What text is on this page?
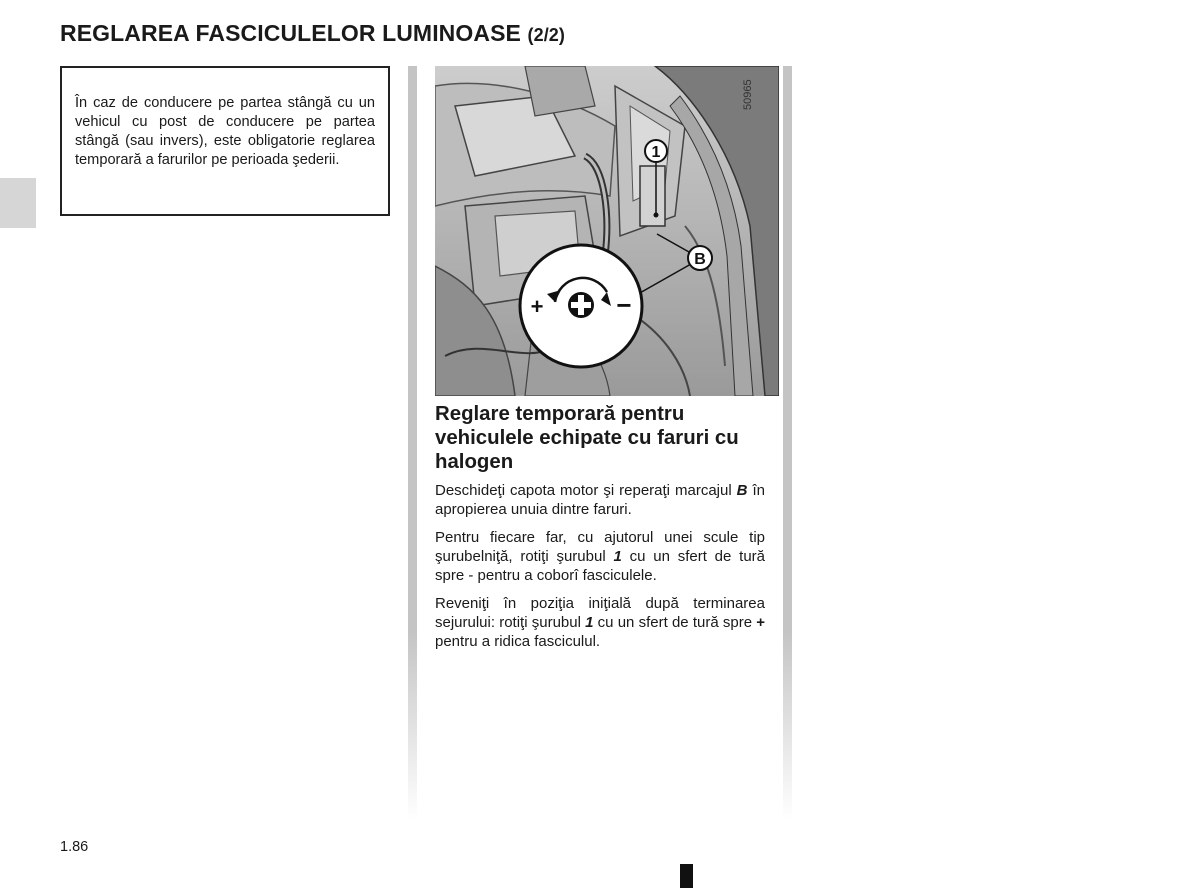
REGLAREA FASCICULELOR LUMINOASE (2/2)
În caz de conducere pe partea stângă cu un vehicul cu post de conducere pe partea stângă (sau invers), este obligatorie reglarea temporară a farurilor pe perioada şederii.	1
B
+	−
50965
Reglare temporară pentru vehiculele echipate cu faruri cu halogen

Deschideţi capota motor şi reperaţi marcajul B în apropierea unuia dintre faruri.

Pentru fiecare far, cu ajutorul unei scule tip şurubelniţă, rotiţi şurubul 1 cu un sfert de tură spre - pentru a coborî fasciculele.

Reveniţi în poziţia iniţială după terminarea sejurului: rotiţi şurubul 1 cu un sfert de tură spre + pentru a ridica fasciculul.

1.86
